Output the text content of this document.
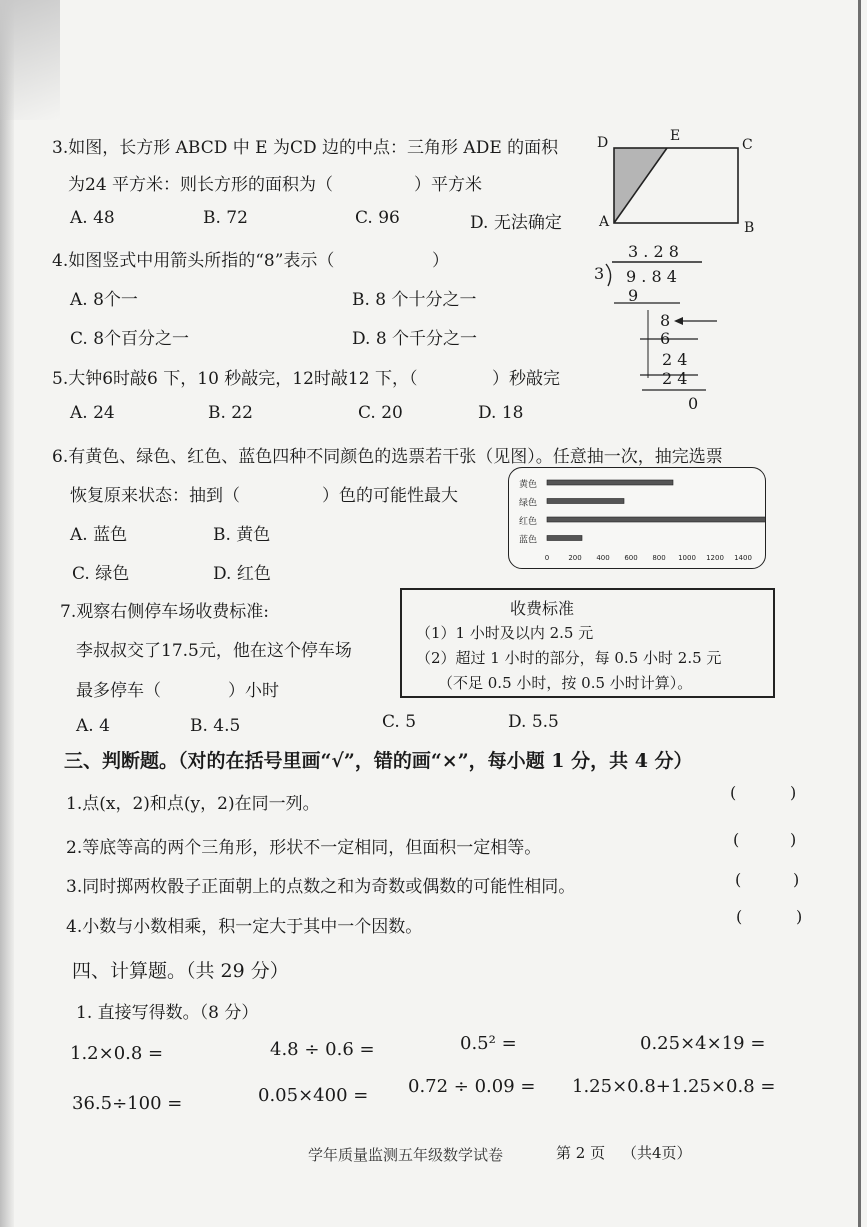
3.如图，长方形 ABCD 中 E 为CD 边的中点：三角形 ADE 的面积
为24 平方米：则长方形的面积为（	）平方米
A. 48	B. 72	C. 96	D. 无法确定
D	E
C
A	B
4.如图竖式中用箭头所指的“8”表示（	）
A. 8个一	B. 8 个十分之一
C. 8个百分之一	D. 8 个千分之一
3 . 2 8
3 9 . 8 4
9
8
6
2 4
2 4
0
5.大钟6时敲6 下，10 秒敲完，12时敲12 下，（	）秒敲完
A. 24	B. 22	C. 20	D. 18
6.有黄色、绿色、红色、蓝色四种不同颜色的选票若干张（见图）。任意抽一次，抽完选票
恢复原来状态：抽到（	）色的可能性最大
A. 蓝色	B. 黄色
C. 绿色	D. 红色
黄色
绿色
红色
蓝色
0	200 400 600 800 1000 1200 1400
7.观察右侧停车场收费标准:
李叔叔交了17.5元，他在这个停车场
最多停车（	）小时
A. 4	B. 4.5	C. 5	D. 5.5
收费标准
（1）1 小时及以内 2.5 元
（2）超过 1 小时的部分，每 0.5 小时 2.5 元
（不足 0.5 小时，按 0.5 小时计算）。
三、判断题。（对的在括号里画“√”，错的画“×”，每小题 1 分，共 4 分）
1.点(x，2)和点(y，2)在同一列。
(	)
2.等底等高的两个三角形，形状不一定相同，但面积一定相等。	(	)
3.同时掷两枚骰子正面朝上的点数之和为奇数或偶数的可能性相同。	(	)
4.小数与小数相乘，积一定大于其中一个因数。
(	)
四、计算题。（共 29 分）
1. 直接写得数。（8 分）
1.2×0.8 =	4.8 ÷ 0.6 =	0.5² =	0.25×4×19 =
36.5÷100 =	0.05×400 = 0.72 ÷ 0.09 = 1.25×0.8+1.25×0.8 =
学年质量监测五年级数学试卷	第 2 页 （共4页）
